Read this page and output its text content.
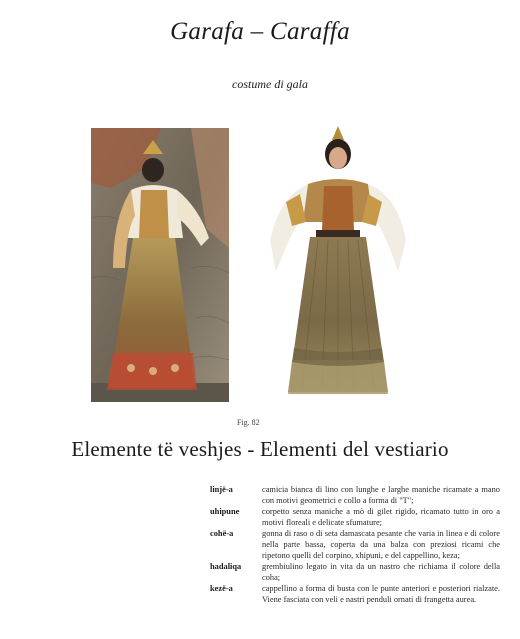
Garafa – Caraffa
costume di gala
Fig. 82
Elemente të veshjes - Elementi del vestiario
linjë-a	camicia bianca di lino con lunghe e larghe maniche ricamate a mano con motivi geometrici e collo a forma di "T";
uhipune	corpetto senza maniche a mò di gilet rigido, ricamato tutto in oro a motivi floreali e delicate sfumature;
cohë-a	gonna di raso o di seta damascata pesante che varia in linea e di colore nella parte bassa, coperta da una balza con preziosi ricami che ripetono quelli del corpino, xhipuni, e del cappellino, keza;
hadaliqa	grembiulino legato in vita da un nastro che richiama il colore della coha;
kezë-a	cappellino a forma di busta con le punte anteriori e posteriori rialzate. Viene fasciata con veli e nastri penduli ornati di frangetta aurea.
